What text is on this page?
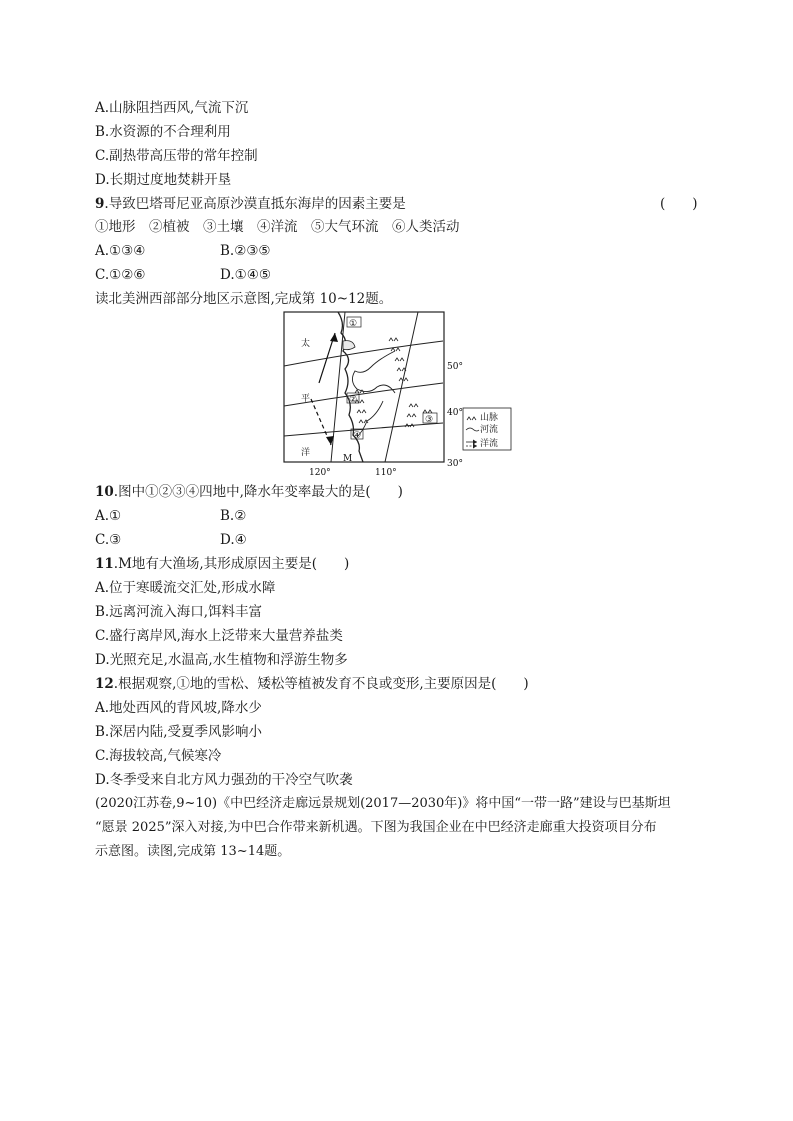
A.山脉阻挡西风,气流下沉
B.水资源的不合理利用
C.副热带高压带的常年控制
D.长期过度地焚耕开垦
9.导致巴塔哥尼亚高原沙漠直抵东海岸的因素主要是	(　　)
①地形　②植被　③土壤　④洋流　⑤大气环流　⑥人类活动
A.①③④	B.②③⑤
C.①②⑥	D.①④⑤
读北美洲西部部分地区示意图,完成第 10~12题。
①
②
③
④
M
太
平
洋
50°
40°
30°
120°	110°
山脉
河流
洋流
10.图中①②③④四地中,降水年变率最大的是(　　)
A.①	B.②
C.③	D.④
11.M地有大渔场,其形成原因主要是(　　)
A.位于寒暖流交汇处,形成水障
B.远离河流入海口,饵料丰富
C.盛行离岸风,海水上泛带来大量营养盐类
D.光照充足,水温高,水生植物和浮游生物多
12.根据观察,①地的雪松、矮松等植被发育不良或变形,主要原因是(　　)
A.地处西风的背风坡,降水少
B.深居内陆,受夏季风影响小
C.海拔较高,气候寒冷
D.冬季受来自北方风力强劲的干冷空气吹袭
(2020江苏卷,9~10)《中巴经济走廊远景规划(2017—2030年)》将中国“一带一路”建设与巴基斯坦
“愿景 2025”深入对接,为中巴合作带来新机遇。下图为我国企业在中巴经济走廊重大投资项目分布
示意图。读图,完成第 13~14题。
